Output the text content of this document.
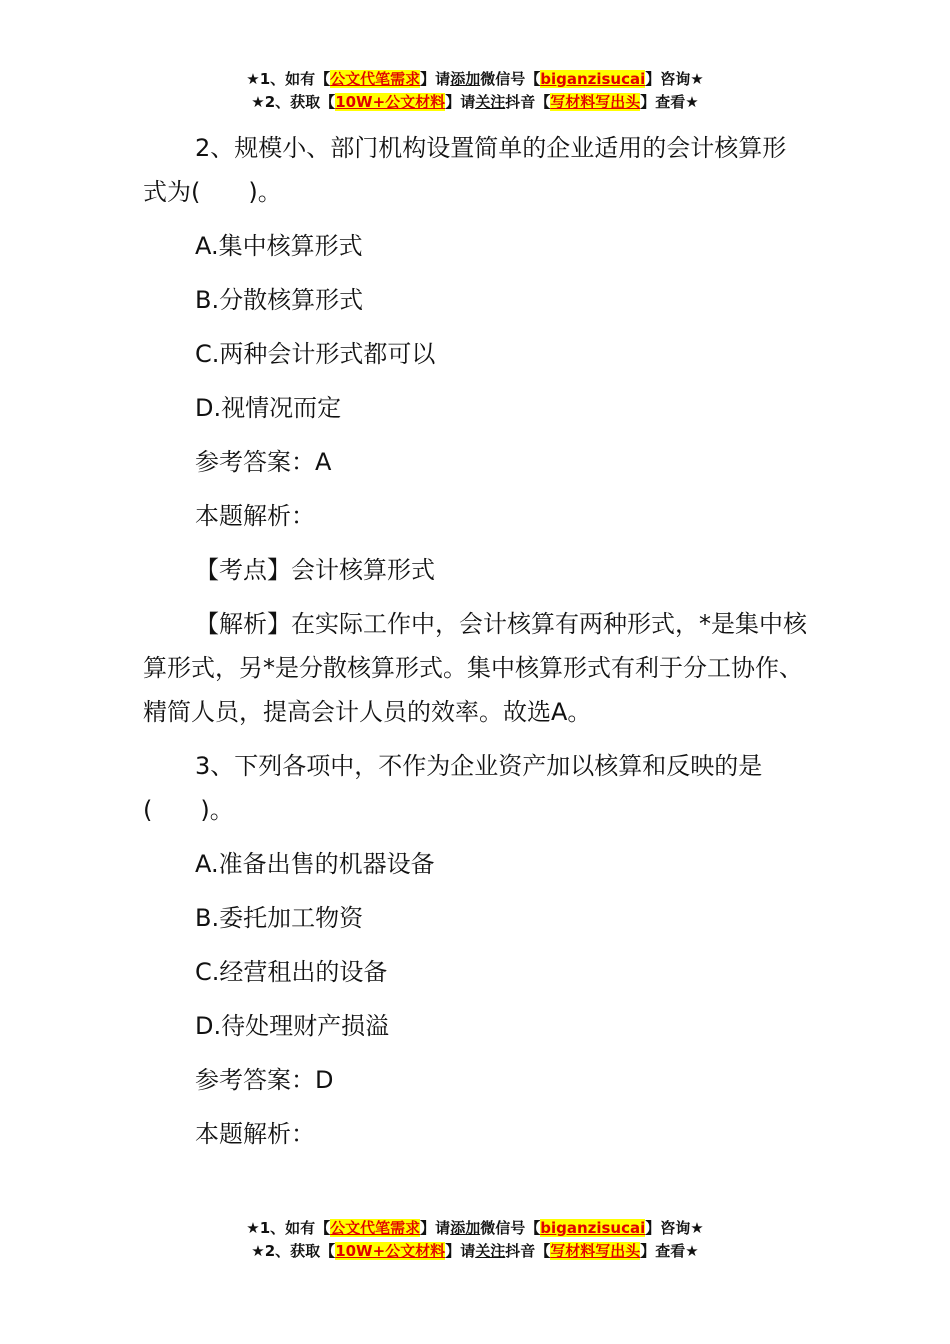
★1、如有【公文代笔需求】请添加微信号【biganzisucai】咨询★
★2、获取【10W+公文材料】请关注抖音【写材料写出头】查看★

2、规模小、部门机构设置简单的企业适用的会计核算形式为(　　)。

A.集中核算形式

B.分散核算形式

C.两种会计形式都可以

D.视情况而定

参考答案：A

本题解析：

【考点】会计核算形式

【解析】在实际工作中，会计核算有两种形式，*是集中核算形式，另*是分散核算形式。集中核算形式有利于分工协作、精简人员，提高会计人员的效率。故选A。

3、下列各项中，不作为企业资产加以核算和反映的是(　　)。

A.准备出售的机器设备

B.委托加工物资

C.经营租出的设备

D.待处理财产损溢

参考答案：D

本题解析：

★1、如有【公文代笔需求】请添加微信号【biganzisucai】咨询★
★2、获取【10W+公文材料】请关注抖音【写材料写出头】查看★
